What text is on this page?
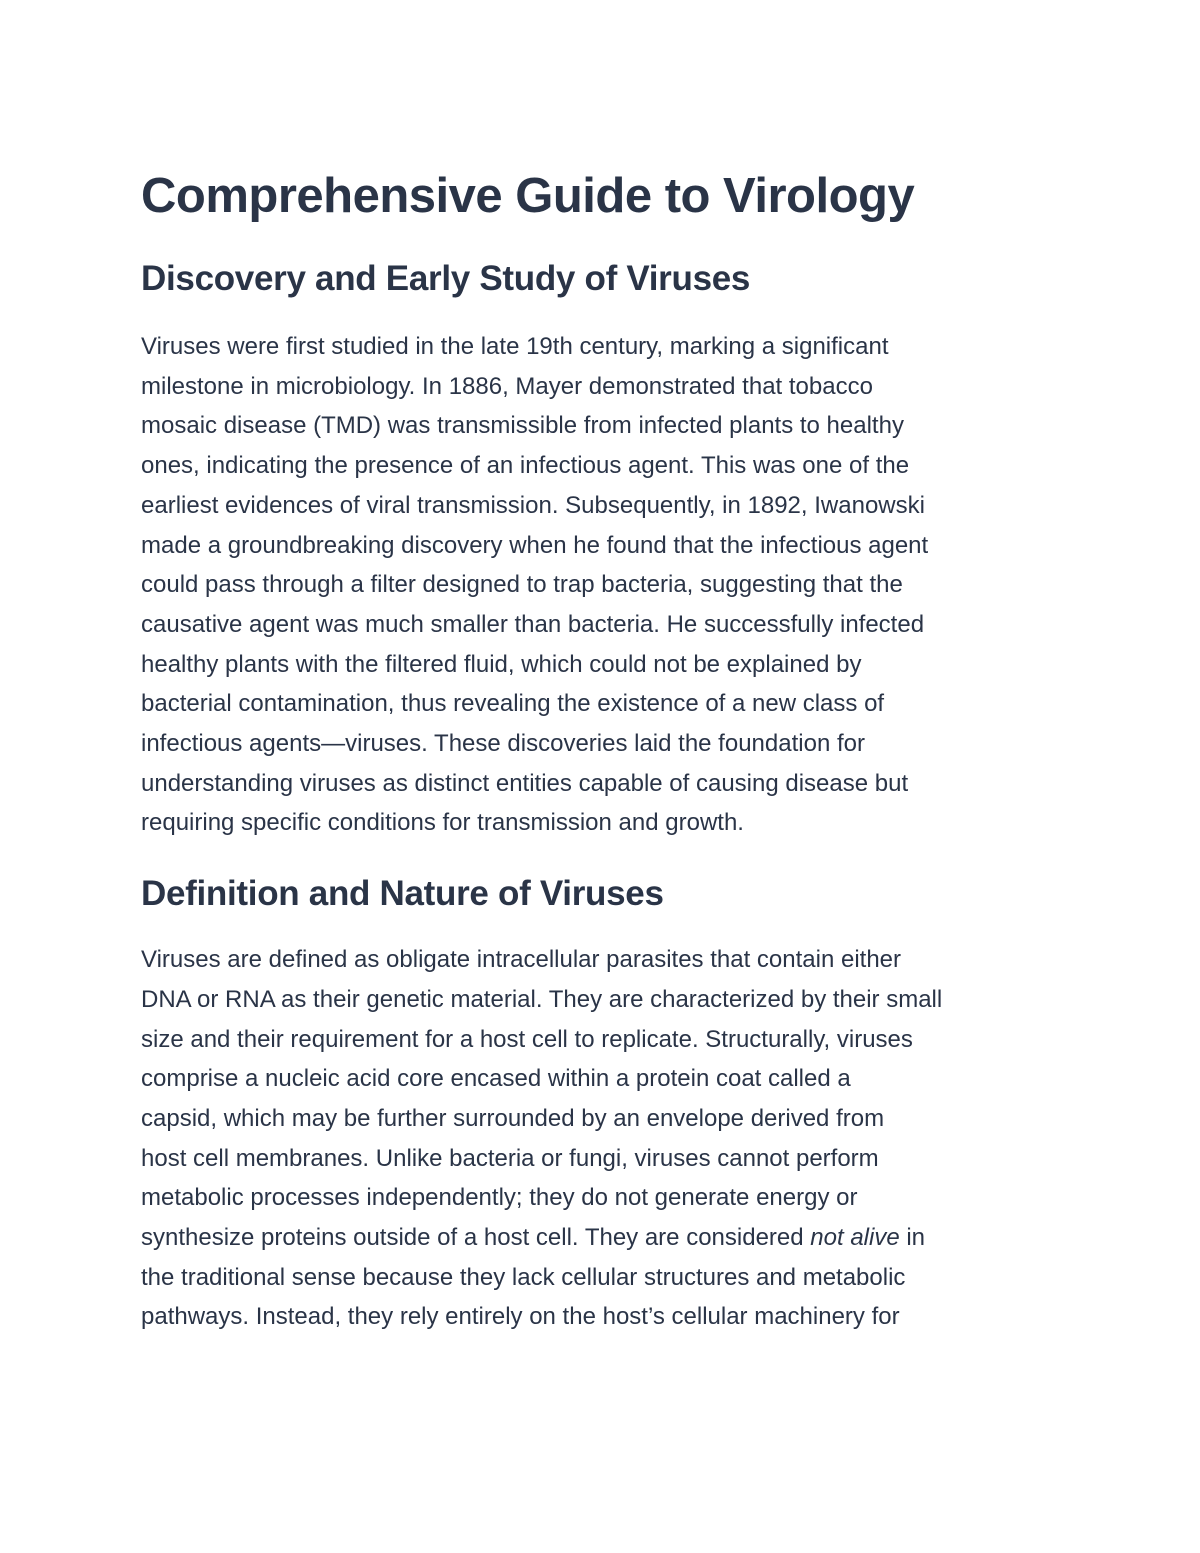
Comprehensive Guide to Virology
Discovery and Early Study of Viruses

Viruses were first studied in the late 19th century, marking a significant
milestone in microbiology. In 1886, Mayer demonstrated that tobacco
mosaic disease (TMD) was transmissible from infected plants to healthy
ones, indicating the presence of an infectious agent. This was one of the
earliest evidences of viral transmission. Subsequently, in 1892, Iwanowski
made a groundbreaking discovery when he found that the infectious agent
could pass through a filter designed to trap bacteria, suggesting that the
causative agent was much smaller than bacteria. He successfully infected
healthy plants with the filtered fluid, which could not be explained by
bacterial contamination, thus revealing the existence of a new class of
infectious agents—viruses. These discoveries laid the foundation for
understanding viruses as distinct entities capable of causing disease but
requiring specific conditions for transmission and growth.

Definition and Nature of Viruses

Viruses are defined as obligate intracellular parasites that contain either
DNA or RNA as their genetic material. They are characterized by their small
size and their requirement for a host cell to replicate. Structurally, viruses
comprise a nucleic acid core encased within a protein coat called a
capsid, which may be further surrounded by an envelope derived from
host cell membranes. Unlike bacteria or fungi, viruses cannot perform
metabolic processes independently; they do not generate energy or
synthesize proteins outside of a host cell. They are considered not alive in
the traditional sense because they lack cellular structures and metabolic
pathways. Instead, they rely entirely on the host’s cellular machinery for
